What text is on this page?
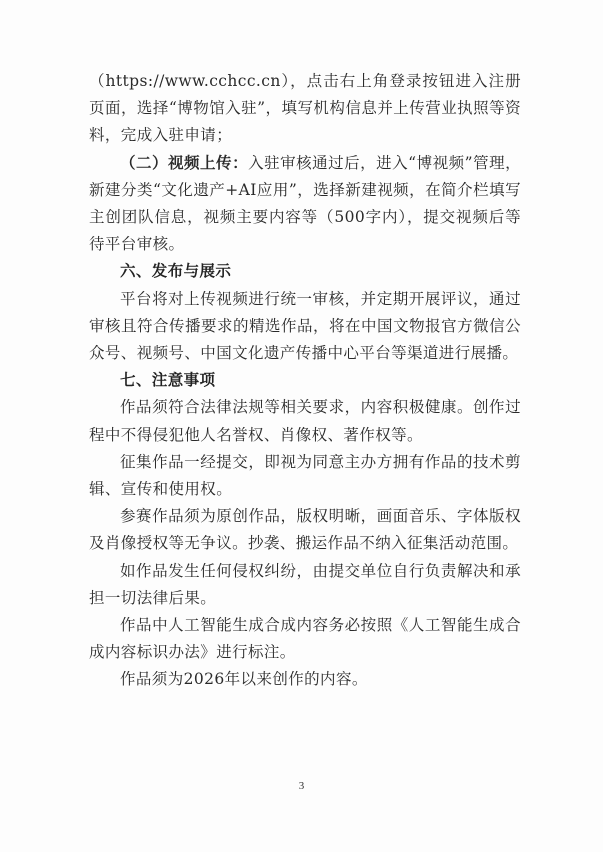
（https://www.cchcc.cn），点击右上角登录按钮进入注册页面，选择“博物馆入驻”，填写机构信息并上传营业执照等资料，完成入驻申请；

（二）视频上传：入驻审核通过后，进入“博视频”管理，新建分类“文化遗产+AI应用”，选择新建视频，在简介栏填写主创团队信息，视频主要内容等（500字内），提交视频后等待平台审核。

六、发布与展示

平台将对上传视频进行统一审核，并定期开展评议，通过审核且符合传播要求的精选作品，将在中国文物报官方微信公众号、视频号、中国文化遗产传播中心平台等渠道进行展播。

七、注意事项

作品须符合法律法规等相关要求，内容积极健康。创作过程中不得侵犯他人名誉权、肖像权、著作权等。

征集作品一经提交，即视为同意主办方拥有作品的技术剪辑、宣传和使用权。

参赛作品须为原创作品，版权明晰，画面音乐、字体版权及肖像授权等无争议。抄袭、搬运作品不纳入征集活动范围。

如作品发生任何侵权纠纷，由提交单位自行负责解决和承担一切法律后果。

作品中人工智能生成合成内容务必按照《人工智能生成合成内容标识办法》进行标注。

作品须为2026年以来创作的内容。

3
